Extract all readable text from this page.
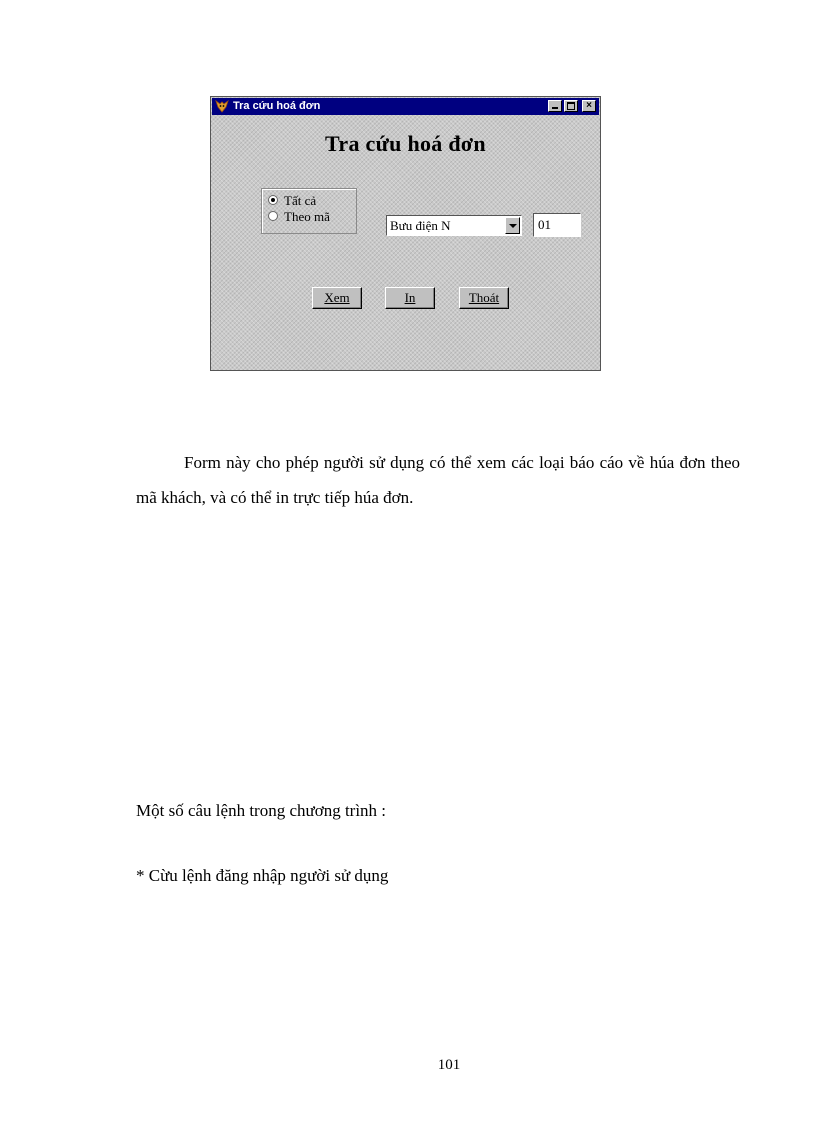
Tra cứu hoá đơn	×
Tra cứu hoá đơn
Tất cả
Theo mã
Bưu điện N	01
Xem	In	Thoát

Form này cho phép người sử dụng có thể xem các loại báo cáo về húa đơn theo mã khách, và có thể in trực tiếp húa đơn.

Một số câu lệnh trong chương trình :

* Cừu lệnh đăng nhập người sử dụng

101
